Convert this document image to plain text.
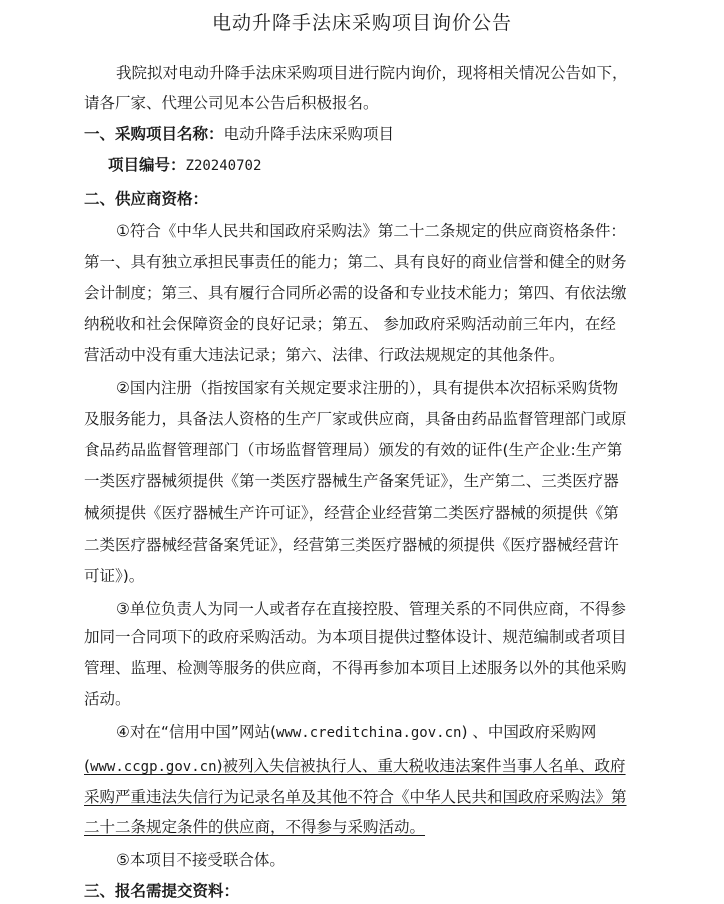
电动升降手法床采购项目询价公告
我院拟对电动升降手法床采购项目进行院内询价，现将相关情况公告如下，
请各厂家、代理公司见本公告后积极报名。
一、采购项目名称：电动升降手法床采购项目
项目编号：Z20240702
二、供应商资格：
①符合《中华人民共和国政府采购法》第二十二条规定的供应商资格条件：
第一、具有独立承担民事责任的能力；第二、具有良好的商业信誉和健全的财务
会计制度；第三、具有履行合同所必需的设备和专业技术能力；第四、有依法缴
纳税收和社会保障资金的良好记录；第五、 参加政府采购活动前三年内，在经
营活动中没有重大违法记录；第六、法律、行政法规规定的其他条件。
②国内注册（指按国家有关规定要求注册的），具有提供本次招标采购货物
及服务能力，具备法人资格的生产厂家或供应商，具备由药品监督管理部门或原
食品药品监督管理部门（市场监督管理局）颁发的有效的证件(生产企业:生产第
一类医疗器械须提供《第一类医疗器械生产备案凭证》，生产第二、三类医疗器
械须提供《医疗器械生产许可证》，经营企业经营第二类医疗器械的须提供《第
二类医疗器械经营备案凭证》，经营第三类医疗器械的须提供《医疗器械经营许
可证》)。
③单位负责人为同一人或者存在直接控股、管理关系的不同供应商，不得参
加同一合同项下的政府采购活动。为本项目提供过整体设计、规范编制或者项目
管理、监理、检测等服务的供应商，不得再参加本项目上述服务以外的其他采购
活动。
④对在“信用中国”网站(www.creditchina.gov.cn) 、中国政府采购网
(www.ccgp.gov.cn)被列入失信被执行人、重大税收违法案件当事人名单、政府
采购严重违法失信行为记录名单及其他不符合《中华人民共和国政府采购法》第
二十二条规定条件的供应商，不得参与采购活动。
⑤本项目不接受联合体。
三、报名需提交资料：
